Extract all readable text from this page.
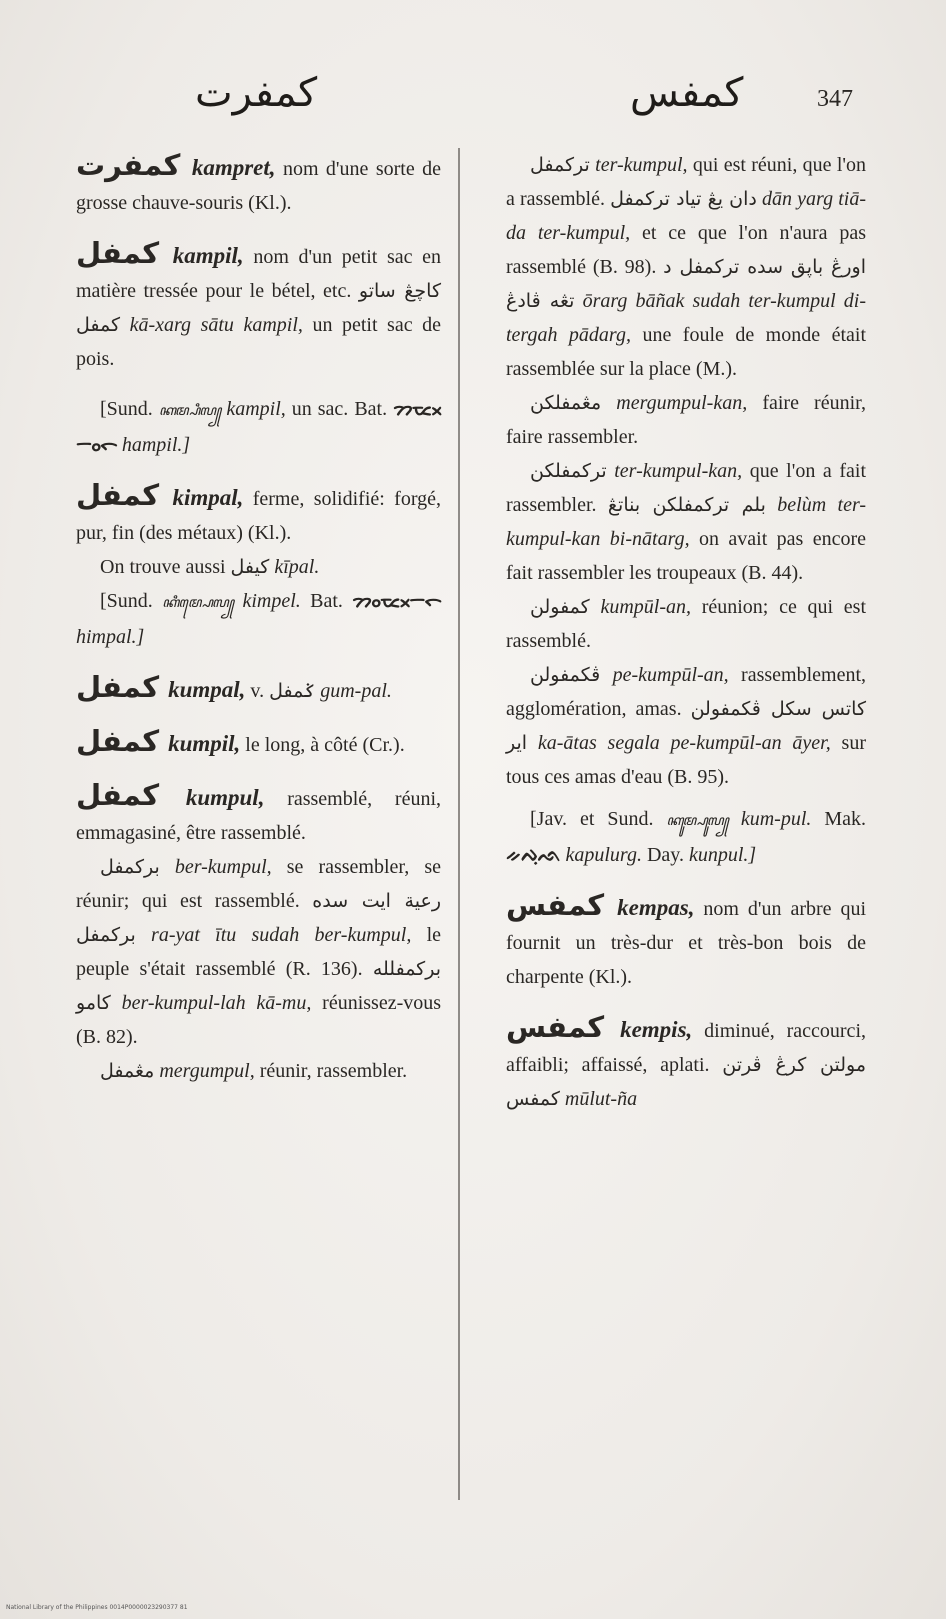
كمفرت	كمفس	347

كمفرت kampret, nom d'une sorte de grosse chauve-souris (Kl.).

كمفل kampil, nom d'un petit sac en matière tressée pour le bétel, etc. كاچڠ ساتو كمفل kā-xarg sātu kampil, un petit sac de pois.

[Sund. ꦏꦩ꧀ꦥꦶꦭ꧀ kampil, un sac. Bat. ᯂᯔᯬᯇᯪᯞ hampil.]

كمفل kimpal, ferme, solidifié: forgé, pur, fin (des métaux) (Kl.).

On trouve aussi كيفل kīpal.

[Sund. ꦏꦶꦩ꧀ꦥꦺꦭ꧀ kimpel. Bat. ᯂᯪᯔᯬᯇᯞ himpal.]

كمفل kumpal, v. ݢمفل gum-pal.

كمفل kumpil, le long, à côté (Cr.).

كمفل kumpul, rassemblé, réuni, emmagasiné, être rassemblé.

بركمفل ber-kumpul, se rassembler, se réunir; qui est rassemblé. رعية ايت سده بركمفل ra-yat ītu sudah ber-kumpul, le peuple s'était rassemblé (R. 136). بركمفلله كامو ber-kumpul-lah kā-mu, réunissez-vous (B. 82).

مڠمفل mergumpul, réunir, rassembler.

تركمفل ter-kumpul, qui est réuni, que l'on a rassemblé. دان يڠ تياد تركمفل dān yarg tiā-da ter-kumpul, et ce que l'on n'aura pas rassemblé (B. 98). اورڠ باڽق سده تركمفل د تڠه ڤادڠ ōrarg bāñak sudah ter-kumpul di-tergah pādarg, une foule de monde était rassemblée sur la place (M.).

مڠمفلكن mergumpul-kan, faire réunir, faire rassembler.

تركمفلكن ter-kumpul-kan, que l'on a fait rassembler. بلم تركمفلكن بناتڠ belùm ter-kumpul-kan bi-nātarg, on avait pas encore fait rassembler les troupeaux (B. 44).

كمفولن kumpūl-an, réunion; ce qui est rassemblé.

ڤكمفولن pe-kumpūl-an, rassemblement, agglomération, amas. كاتس سکل ڤكمفولن اير ka-ātas segala pe-kumpūl-an āyer, sur tous ces amas d'eau (B. 95).

[Jav. et Sund. ꦏꦸꦩ꧀ꦥꦸꦭ꧀ kum-pul. Mak. ᨀᨄᨘᨒ kapulurg. Day. kunpul.]

كمفس kempas, nom d'un arbre qui fournit un très-dur et très-bon bois de charpente (Kl.).

كمفس kempis, diminué, raccourci, affaibli; affaissé, aplati. مولتن كرڠ ڤرتن كمفس mūlut-ña

National Library of the Philippines 0014P0000023290377 81
